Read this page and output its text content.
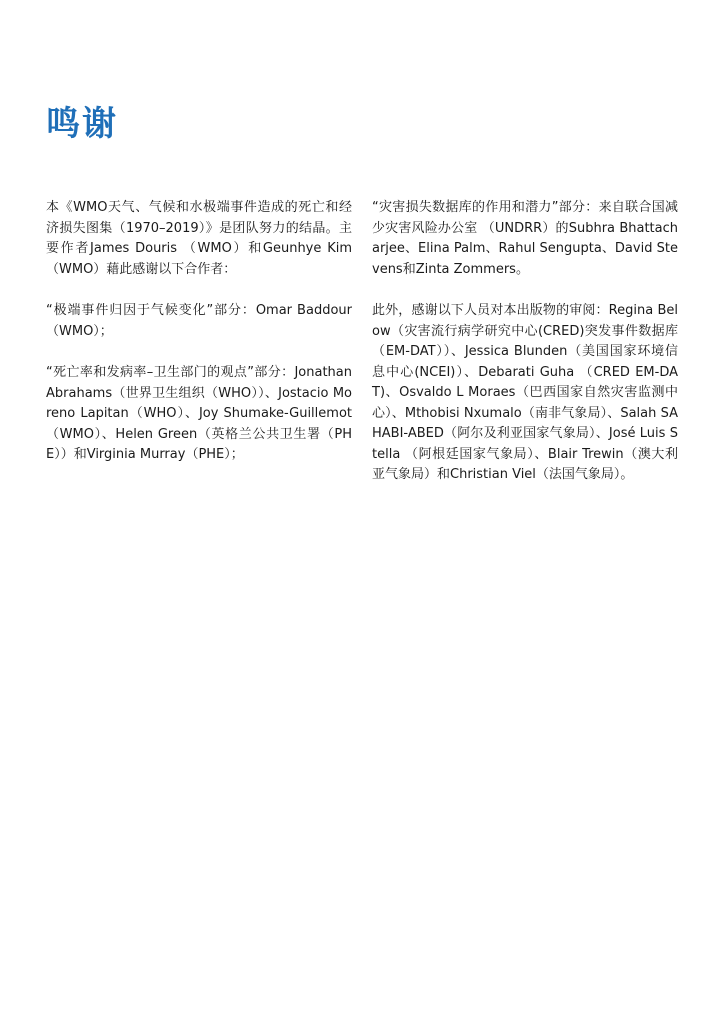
鸣谢

本《WMO天气、气候和水极端事件造成的死亡和经济损失图集（1970–2019）》是团队努力的结晶。主要作者James Douris （WMO）和Geunhye Kim （WMO）藉此感谢以下合作者：

“极端事件归因于气候变化”部分：Omar Baddour （WMO）；

“死亡率和发病率–卫生部门的观点”部分：Jonathan Abrahams（世界卫生组织（WHO））、Jostacio Moreno Lapitan（WHO）、Joy Shumake-Guillemot（WMO）、Helen Green（英格兰公共卫生署（PHE））和Virginia Murray（PHE）；

“灾害损失数据库的作用和潜力”部分：来自联合国减少灾害风险办公室 （UNDRR）的Subhra Bhattacharjee、Elina Palm、Rahul Sengupta、David Stevens和Zinta Zommers。

此外，感谢以下人员对本出版物的审阅：Regina Below（灾害流行病学研究中心(CRED)突发事件数据库（EM-DAT））、Jessica Blunden（美国国家环境信息中心(NCEI)）、Debarati Guha （CRED EM-DAT)、Osvaldo L Moraes（巴西国家自然灾害监测中心）、Mthobisi Nxumalo（南非气象局）、Salah SAHABI-ABED（阿尔及利亚国家气象局）、José Luis Stella （阿根廷国家气象局）、Blair Trewin（澳大利亚气象局）和Christian Viel（法国气象局）。
